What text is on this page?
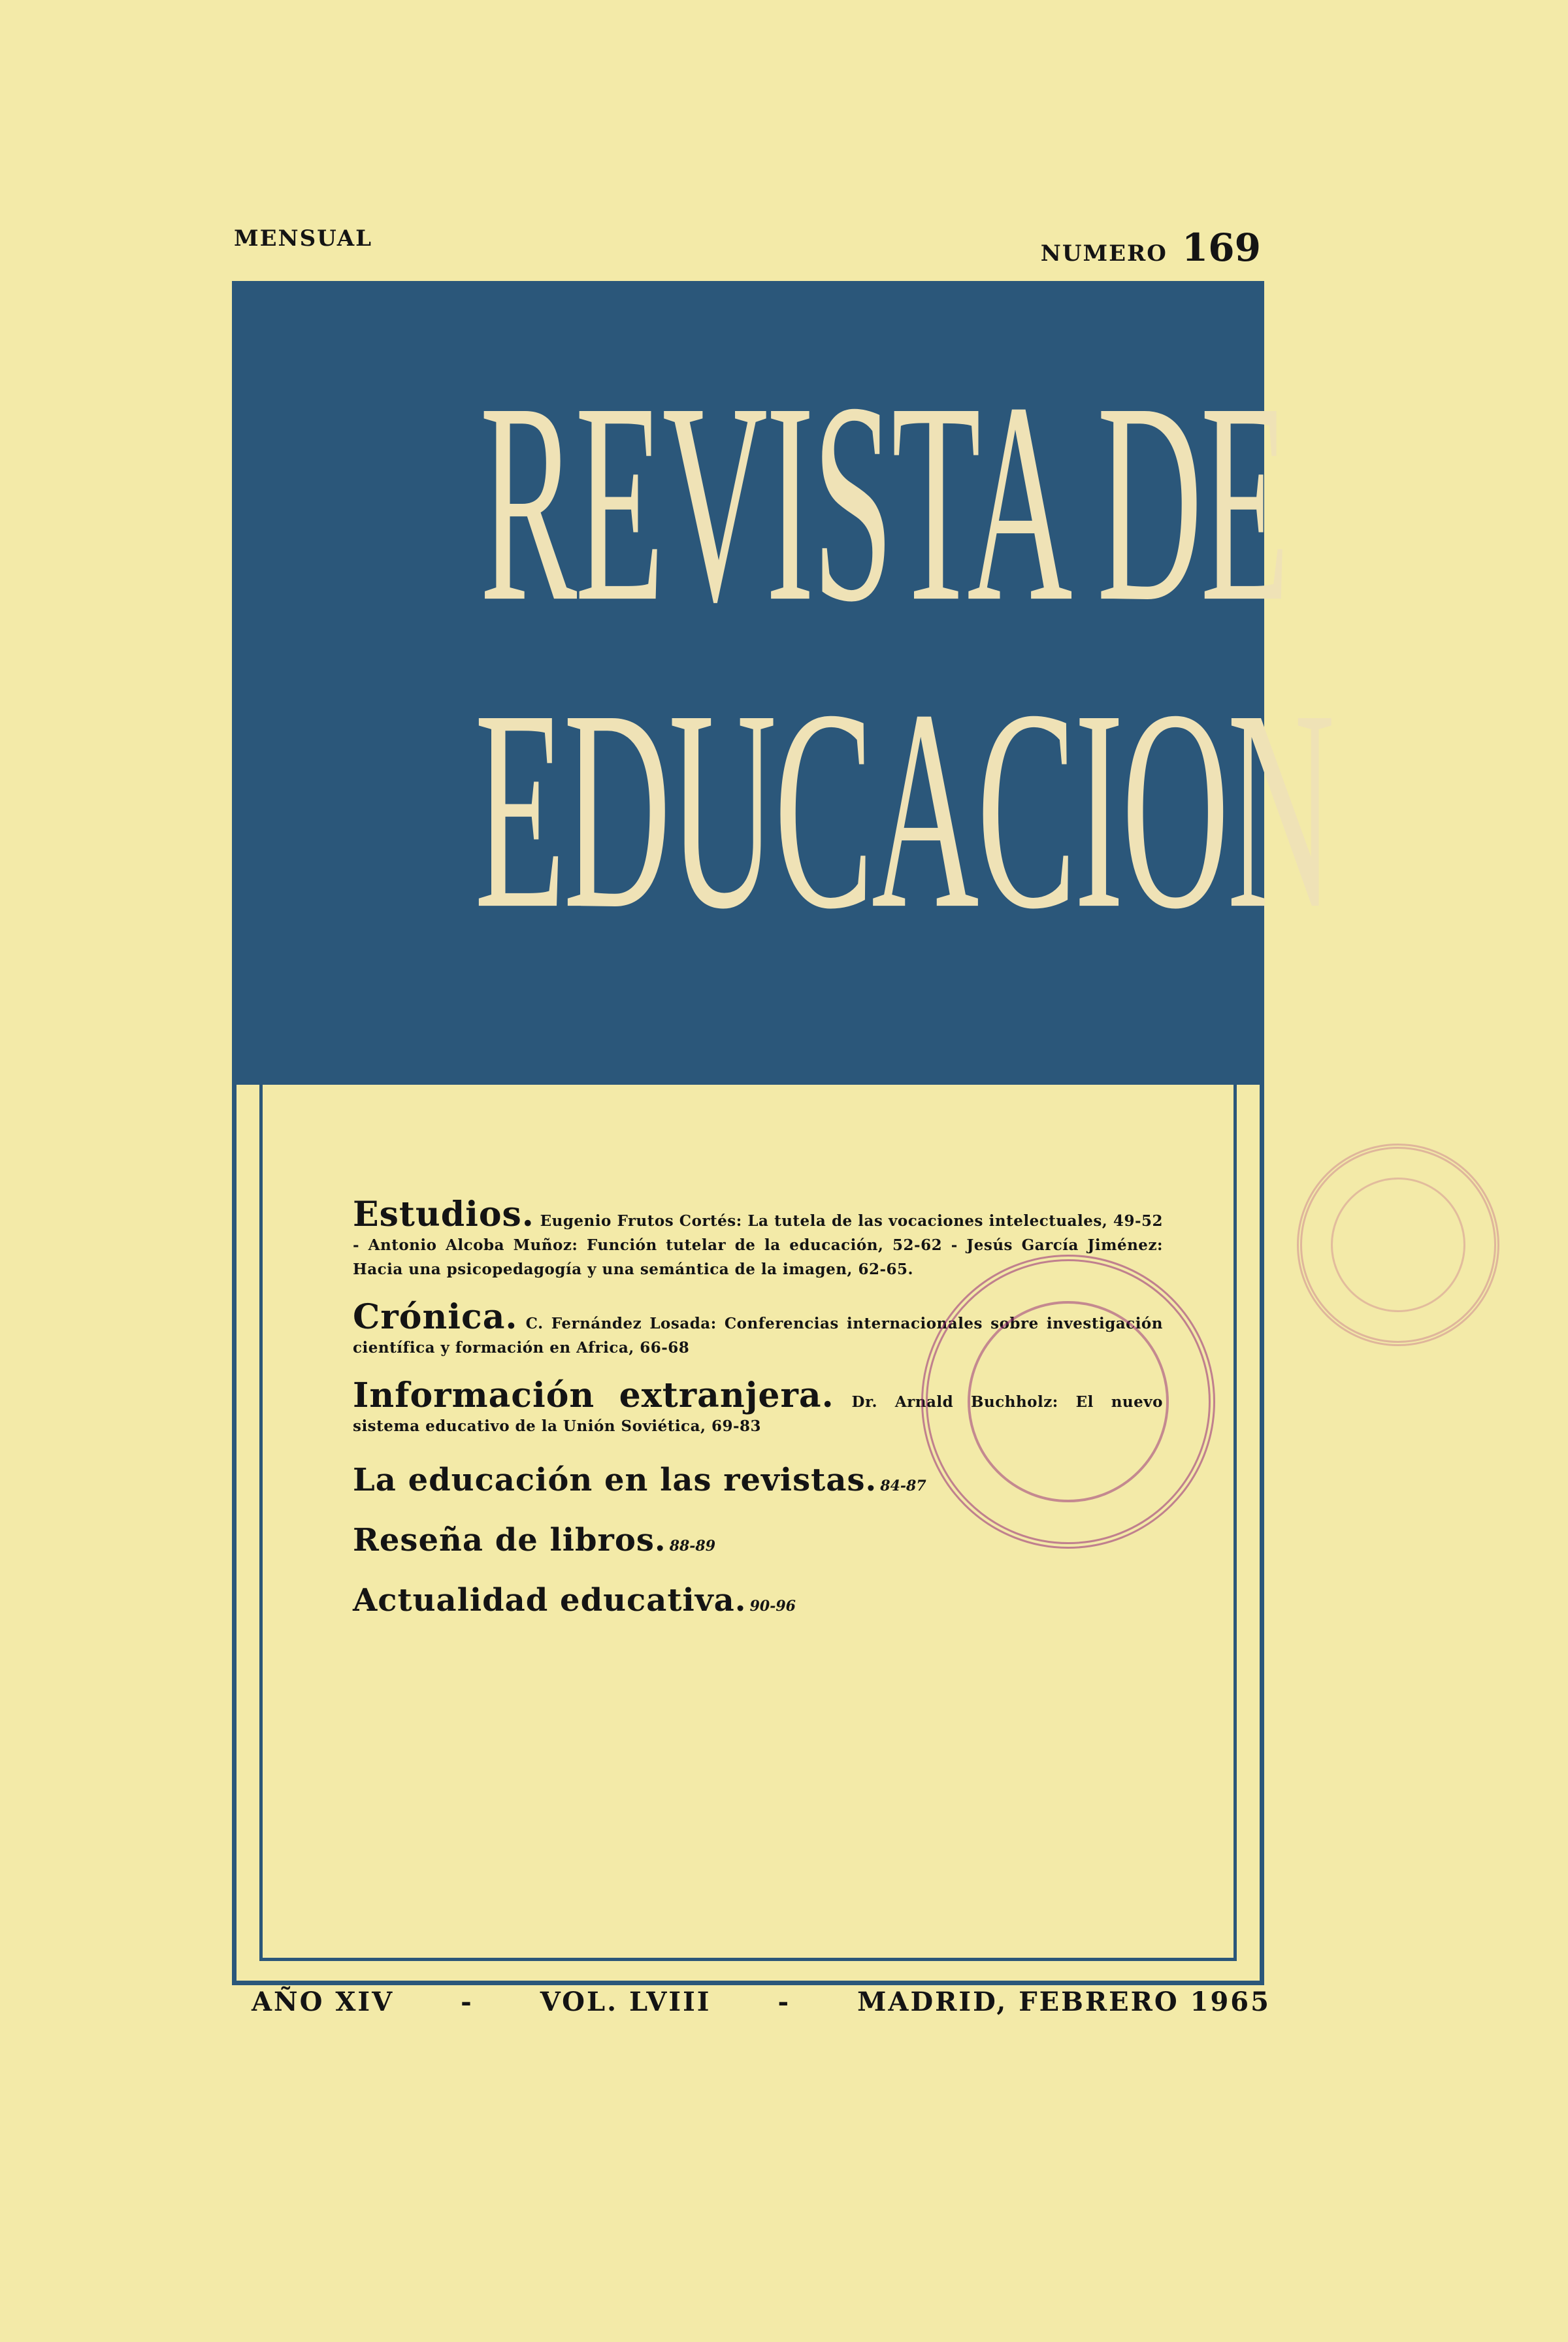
MENSUAL
NUMERO 169
REVISTA DE
EDUCACION
Estudios. Eugenio Frutos Cortés: La tutela de las vocaciones intelectuales, 49-52 - Antonio Alcoba Muñoz: Función tutelar de la educación, 52-62 - Jesús García Jiménez: Hacia una psicopedagogía y una semántica de la imagen, 62-65.
Crónica. C. Fernández Losada: Conferencias internacionales sobre investigación científica y formación en Africa, 66-68
Información extranjera. Dr. Arnald Buchholz: El nuevo sistema educativo de la Unión Soviética, 69-83
La educación en las revistas. 84-87
Reseña de libros. 88-89
Actualidad educativa. 90-96
AÑO XIV	-	VOL. LVIII	-	MADRID, FEBRERO 1965
